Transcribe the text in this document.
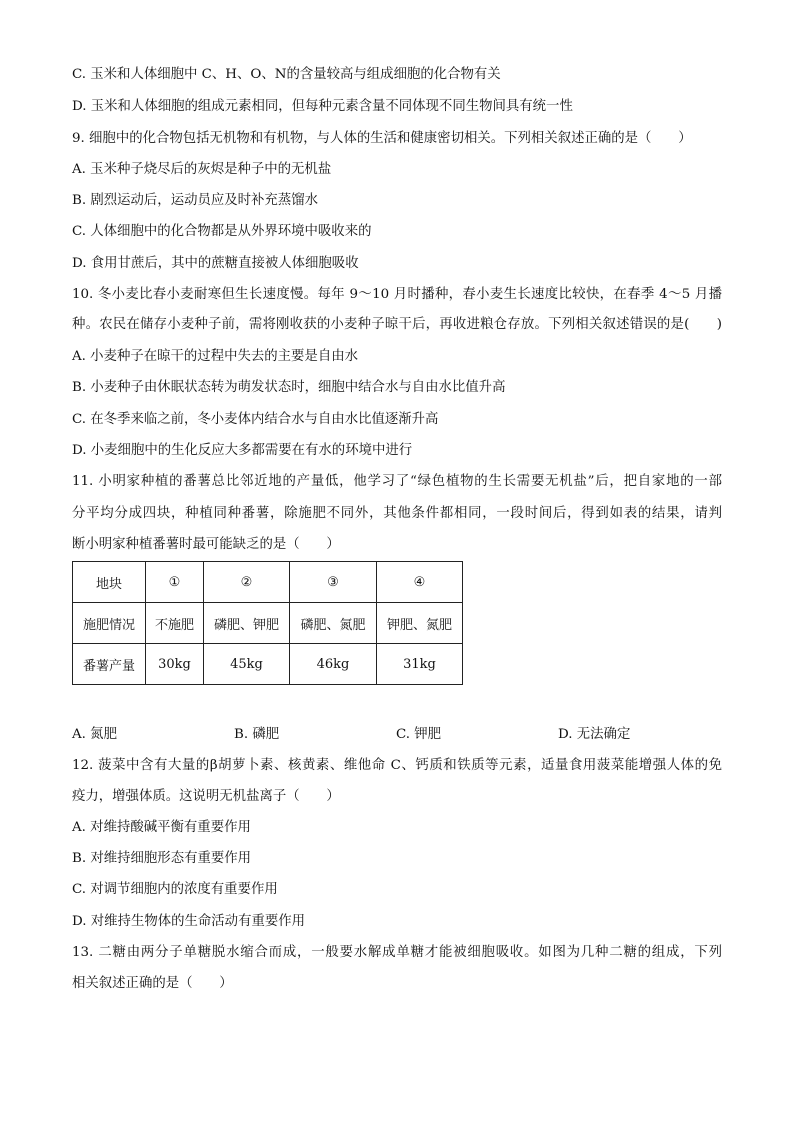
C. 玉米和人体细胞中 C、H、O、N的含量较高与组成细胞的化合物有关
D. 玉米和人体细胞的组成元素相同，但每种元素含量不同体现不同生物间具有统一性
9. 细胞中的化合物包括无机物和有机物，与人体的生活和健康密切相关。下列相关叙述正确的是（　　）
A. 玉米种子烧尽后的灰烬是种子中的无机盐
B. 剧烈运动后，运动员应及时补充蒸馏水
C. 人体细胞中的化合物都是从外界环境中吸收来的
D. 食用甘蔗后，其中的蔗糖直接被人体细胞吸收
10. 冬小麦比春小麦耐寒但生长速度慢。每年 9～10 月时播种，春小麦生长速度比较快，在春季 4～5 月播
种。农民在储存小麦种子前，需将刚收获的小麦种子晾干后，再收进粮仓存放。下列相关叙述错误的是(　　)
A. 小麦种子在晾干的过程中失去的主要是自由水
B. 小麦种子由休眠状态转为萌发状态时，细胞中结合水与自由水比值升高
C. 在冬季来临之前，冬小麦体内结合水与自由水比值逐渐升高
D. 小麦细胞中的生化反应大多都需要在有水的环境中进行
11. 小明家种植的番薯总比邻近地的产量低，他学习了“绿色植物的生长需要无机盐”后，把自家地的一部
分平均分成四块，种植同种番薯，除施肥不同外，其他条件都相同，一段时间后，得到如表的结果，请判
断小明家种植番薯时最可能缺乏的是（　　）
地块	①	②	③	④
施肥情况	不施肥	磷肥、钾肥	磷肥、氮肥	钾肥、氮肥
番薯产量	30kg	45kg	46kg	31kg
A. 氮肥	B. 磷肥	C. 钾肥	D. 无法确定
12. 菠菜中含有大量的β胡萝卜素、核黄素、维他命 C、钙质和铁质等元素，适量食用菠菜能增强人体的免
疫力，增强体质。这说明无机盐离子（　　）
A. 对维持酸碱平衡有重要作用
B. 对维持细胞形态有重要作用
C. 对调节细胞内的浓度有重要作用
D. 对维持生物体的生命活动有重要作用
13. 二糖由两分子单糖脱水缩合而成，一般要水解成单糖才能被细胞吸收。如图为几种二糖的组成，下列
相关叙述正确的是（　　）
